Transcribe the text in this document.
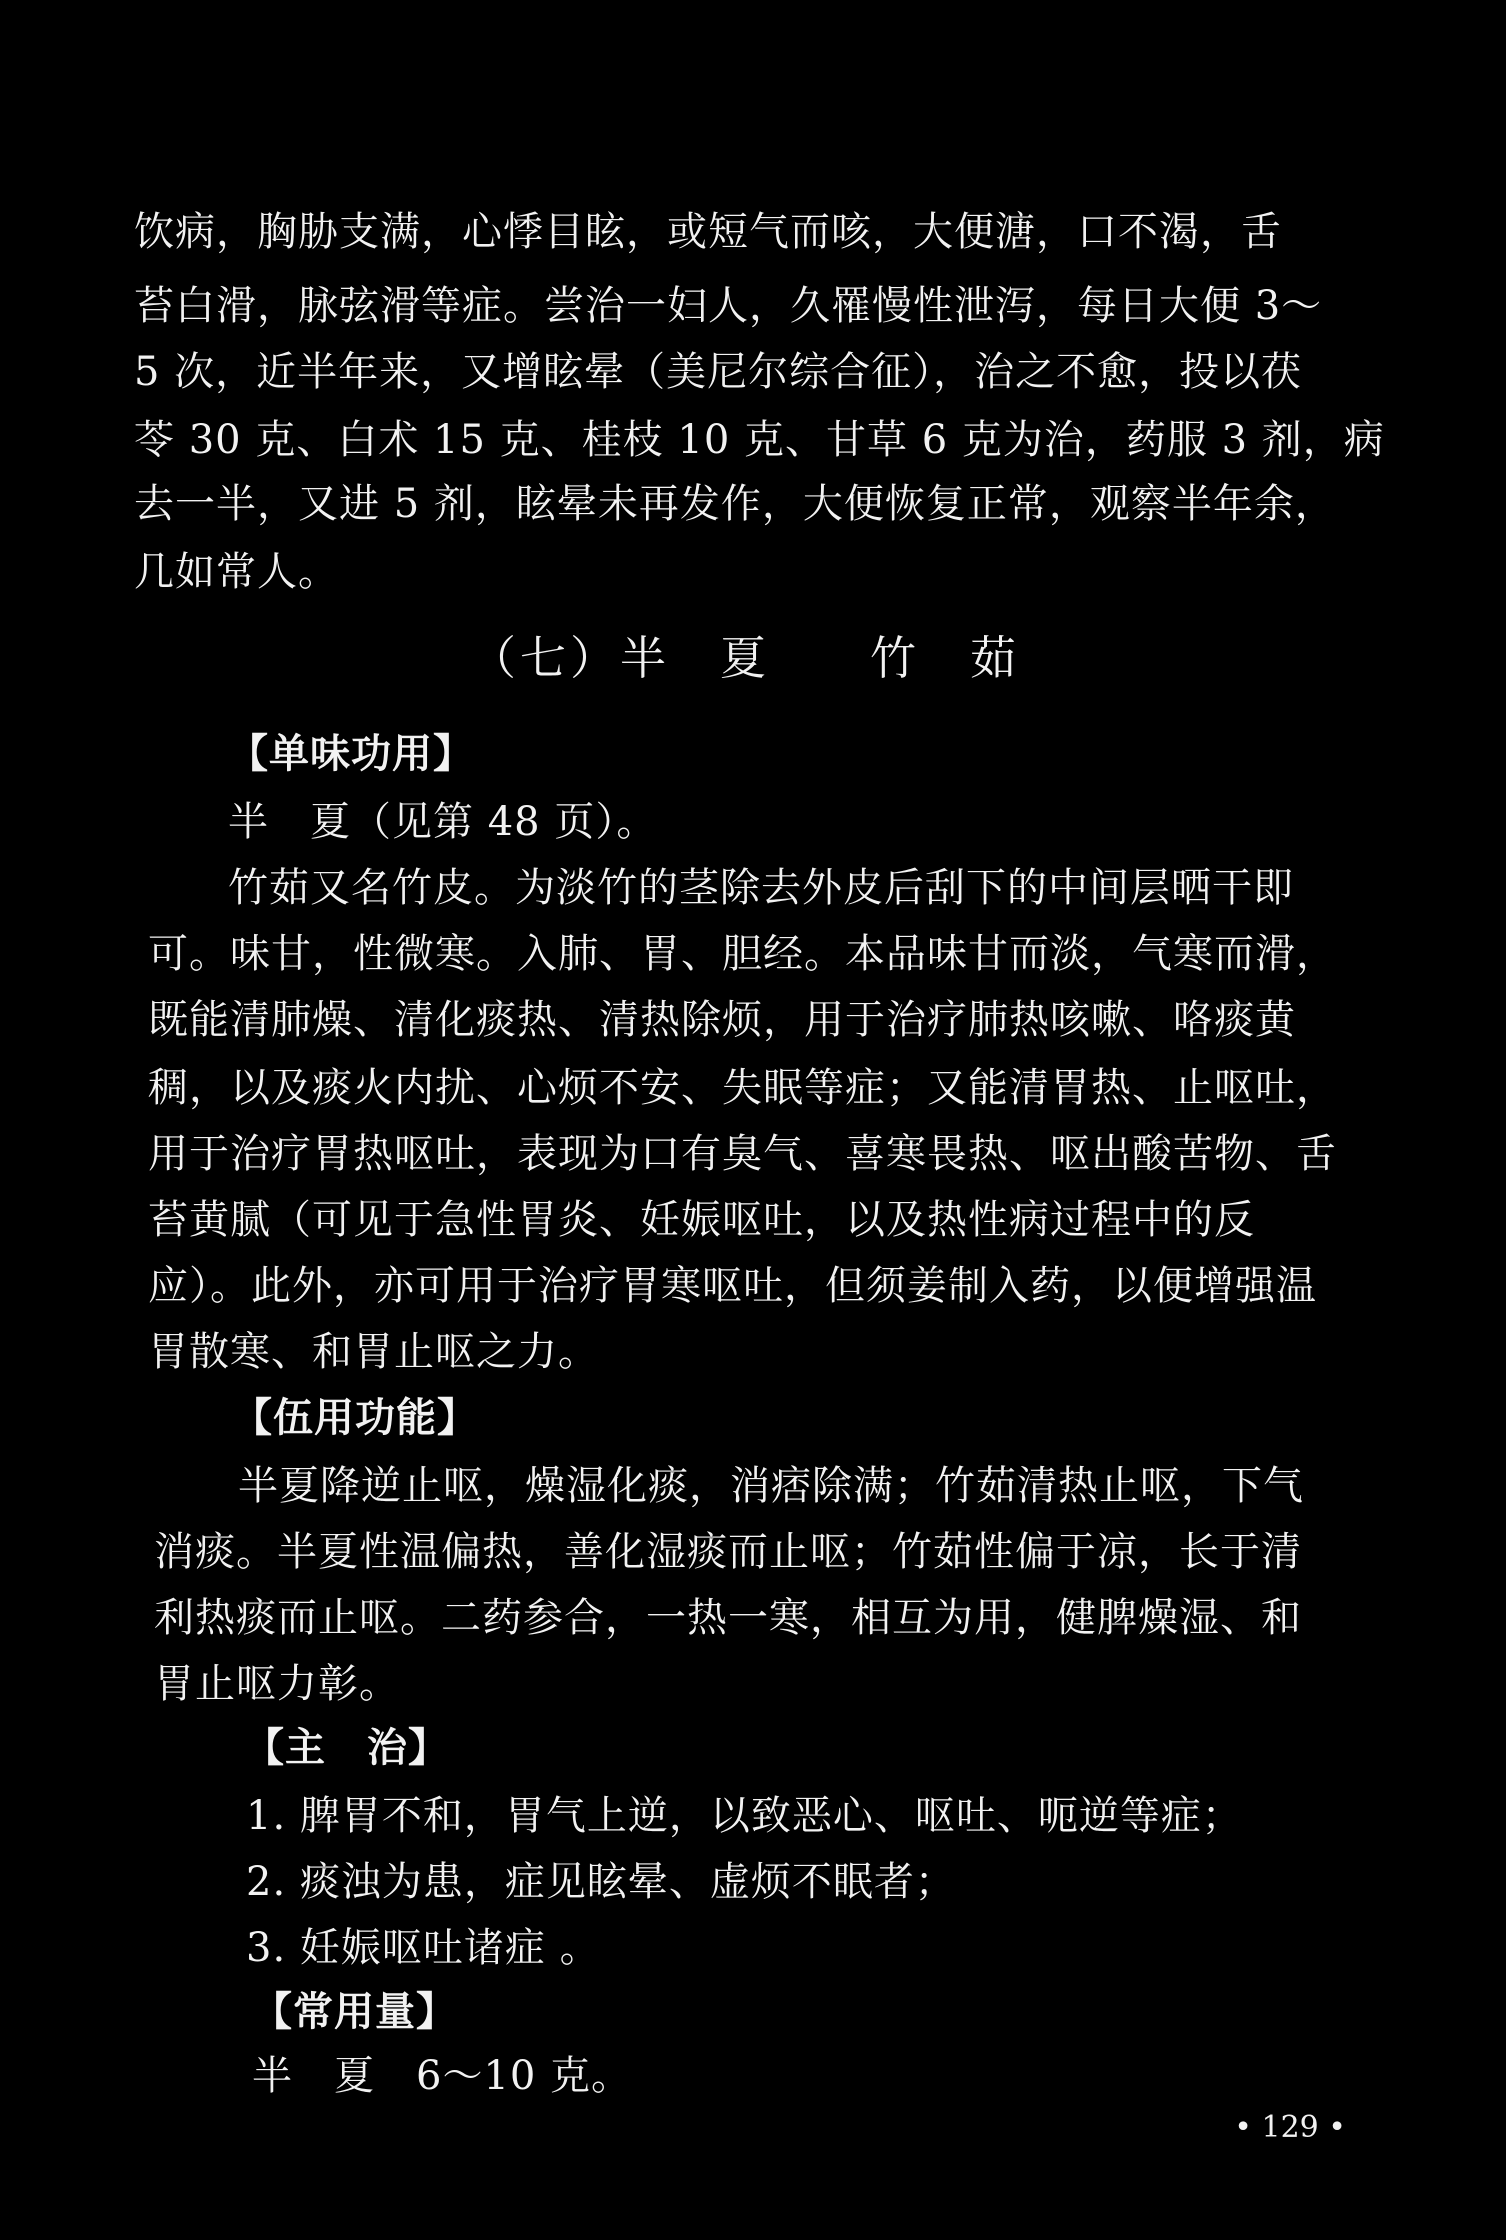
饮病，胸胁支满，心悸目眩，或短气而咳，大便溏，口不渴，舌
苔白滑，脉弦滑等症。尝治一妇人，久罹慢性泄泻，每日大便 3～
5 次，近半年来，又增眩晕（美尼尔综合征），治之不愈，投以茯
苓 30 克、白术 15 克、桂枝 10 克、甘草 6 克为治，药服 3 剂，病
去一半，又进 5 剂，眩晕未再发作，大便恢复正常，观察半年余，
几如常人。
（七）半　夏　　竹　茹
【单味功用】
半　夏（见第 48 页）。
竹茹又名竹皮。为淡竹的茎除去外皮后刮下的中间层晒干即
可。味甘，性微寒。入肺、胃、胆经。本品味甘而淡，气寒而滑，
既能清肺燥、清化痰热、清热除烦，用于治疗肺热咳嗽、咯痰黄
稠，以及痰火内扰、心烦不安、失眠等症；又能清胃热、止呕吐，
用于治疗胃热呕吐，表现为口有臭气、喜寒畏热、呕出酸苦物、舌
苔黄腻（可见于急性胃炎、妊娠呕吐，以及热性病过程中的反
应）。此外，亦可用于治疗胃寒呕吐，但须姜制入药，以便增强温
胃散寒、和胃止呕之力。
【伍用功能】
半夏降逆止呕，燥湿化痰，消痞除满；竹茹清热止呕，下气
消痰。半夏性温偏热，善化湿痰而止呕；竹茹性偏于凉，长于清
利热痰而止呕。二药参合，一热一寒，相互为用，健脾燥湿、和
胃止呕力彰。
【主　治】
1. 脾胃不和，胃气上逆，以致恶心、呕吐、呃逆等症；
2. 痰浊为患，症见眩晕、虚烦不眠者；
3. 妊娠呕吐诸症 。
【常用量】
半　夏　6～10 克。
• 129 •
